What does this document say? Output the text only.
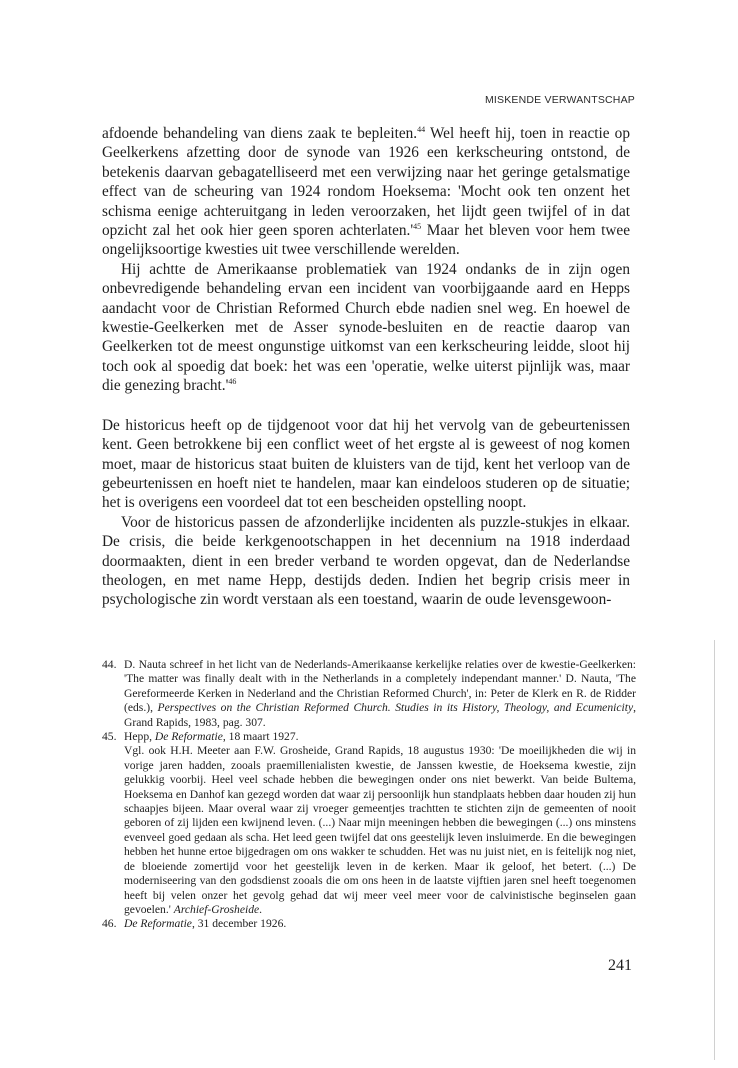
MISKENDE VERWANTSCHAP

afdoende behandeling van diens zaak te bepleiten.$^{44}$ Wel heeft hij, toen in reactie op Geelkerkens afzetting door de synode van 1926 een kerkscheuring ontstond, de betekenis daarvan gebagatelliseerd met een verwijzing naar het geringe getalsmatige effect van de scheuring van 1924 rondom Hoeksema: 'Mocht ook ten onzent het schisma eenige achteruitgang in leden veroorzaken, het lijdt geen twijfel of in dat opzicht zal het ook hier geen sporen $achterlaten.'^{45}$ Maar het bleven voor hem twee ongelijksoortige kwesties uit twee verschillende werelden.

Hij achtte de Amerikaanse problematiek van 1924 ondanks de in zijn ogen onbevredigende behandeling ervan een incident van voorbijgaande aard en Hepps aandacht voor de Christian Reformed Church ebde nadien snel weg. En hoewel de kwestie-Geelkerken met de Asser synode-besluiten en de reactie daarop van Geelkerken tot de meest ongunstige uitkomst van een kerkscheuring leidde, sloot hij toch ook al spoedig dat boek: het was een 'operatie, welke uiterst pijnlijk was, maar die genezing $bracht.'^{46}$

De historicus heeft op de tijdgenoot voor dat hij het vervolg van de gebeurtenissen kent. Geen betrokkene bij een conflict weet of het ergste al is geweest of nog komen moet, maar de historicus staat buiten de kluisters van de tijd, kent het verloop van de gebeurtenissen en hoeft niet te handelen, maar kan eindeloos studeren op de situatie; het is overigens een voordeel dat tot een bescheiden opstelling noopt.

Voor de historicus passen de afzonderlijke incidenten als puzzle-stukjes in elkaar. De crisis, die beide kerkgenootschappen in het decennium na 1918 inderdaad doormaakten, dient in een breder verband te worden opgevat, dan de Nederlandse theologen, en met name Hepp, destijds deden. Indien het begrip crisis meer in psychologische zin wordt verstaan als een toestand, waarin de oude levensgewoon-

44. D. Nauta schreef in het licht van de Nederlands-Amerikaanse kerkelijke relaties over de kwestie-Geelkerken: 'The matter was finally dealt with in the Netherlands in a completely independant manner.' D. Nauta, 'The Gereformeerde Kerken in Nederland and the Christian Reformed Church', in: Peter de Klerk en R. de Ridder (eds.), Perspectives on the Christian Reformed Church. Studies in its History, Theology, and Ecumenicity, Grand Rapids, 1983, pag. 307.

45. Hepp, De Reformatie, 18 maart 1927.

Vgl. ook H.H. Meeter aan F.W. Grosheide, Grand Rapids, 18 augustus 1930: 'De moeilijkheden die wij in vorige jaren hadden, zooals praemillenialisten kwestie, de Janssen kwestie, de Hoeksema kwestie, zijn gelukkig voorbij. Heel veel schade hebben die bewegingen onder ons niet bewerkt. Van beide Bultema, Hoeksema en Danhof kan gezegd worden dat waar zij persoonlijk hun standplaats hebben daar houden zij hun schaapjes bijeen. Maar overal waar zij vroeger gemeentjes trachtten te stichten zijn de gemeenten of nooit geboren of zij lijden een kwijnend leven. (...) Naar mijn meeningen hebben die bewegingen (...) ons minstens evenveel goed gedaan als scha. Het leed geen twijfel dat ons geestelijk leven insluimerde. En die bewegingen hebben het hunne ertoe bijgedragen om ons wakker te schudden. Het was nu juist niet, en is feitelijk nog niet, de bloeiende zomertijd voor het geestelijk leven in de kerken. Maar ik geloof, het betert. (...) De moderniseering van den godsdienst zooals die om ons heen in de laatste vijftien jaren snel heeft toegenomen heeft bij velen onzer het gevolg gehad dat wij meer veel meer voor de calvinistische beginselen gaan gevoelen.' Archief-Grosheide.

46. De Reformatie, 31 december 1926.

241
